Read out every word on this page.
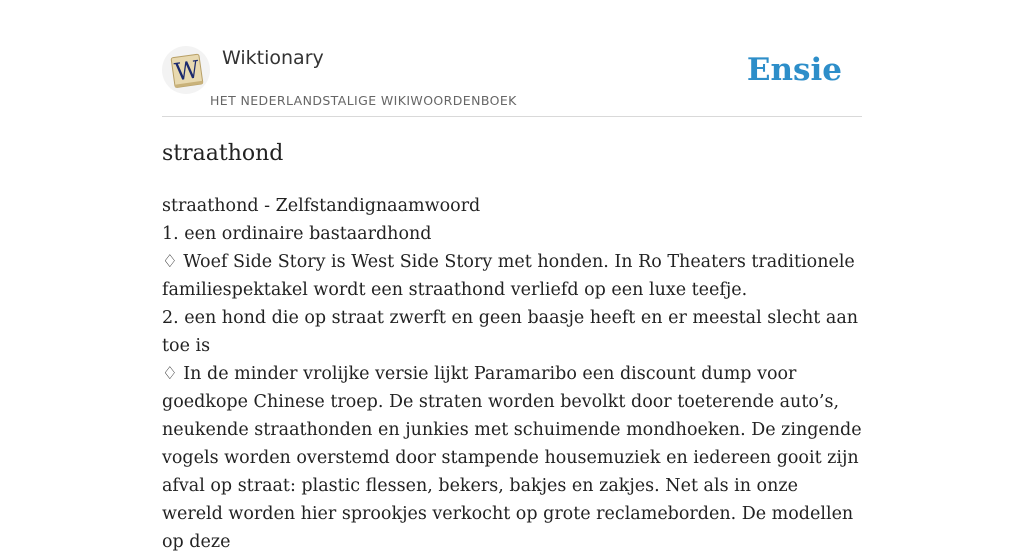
W Wiktionary
HET NEDERLANDSTALIGE WIKIWOORDENBOEK
Ensie
straathond
straathond - Zelfstandignaamwoord
1. een ordinaire bastaardhond
♢ Woef Side Story is West Side Story met honden. In Ro Theaters traditionele familiespektakel wordt een straathond verliefd op een luxe teefje.
2. een hond die op straat zwerft en geen baasje heeft en er meestal slecht aan toe is
♢ In de minder vrolijke versie lijkt Paramaribo een discount dump voor goedkope Chinese troep. De straten worden bevolkt door toeterende auto’s, neukende straathonden en junkies met schuimende mondhoeken. De zingende vogels worden overstemd door stampende housemuziek en iedereen gooit zijn afval op straat: plastic flessen, bekers, bakjes en zakjes. Net als in onze wereld worden hier sprookjes verkocht op grote reclameborden. De modellen op deze
